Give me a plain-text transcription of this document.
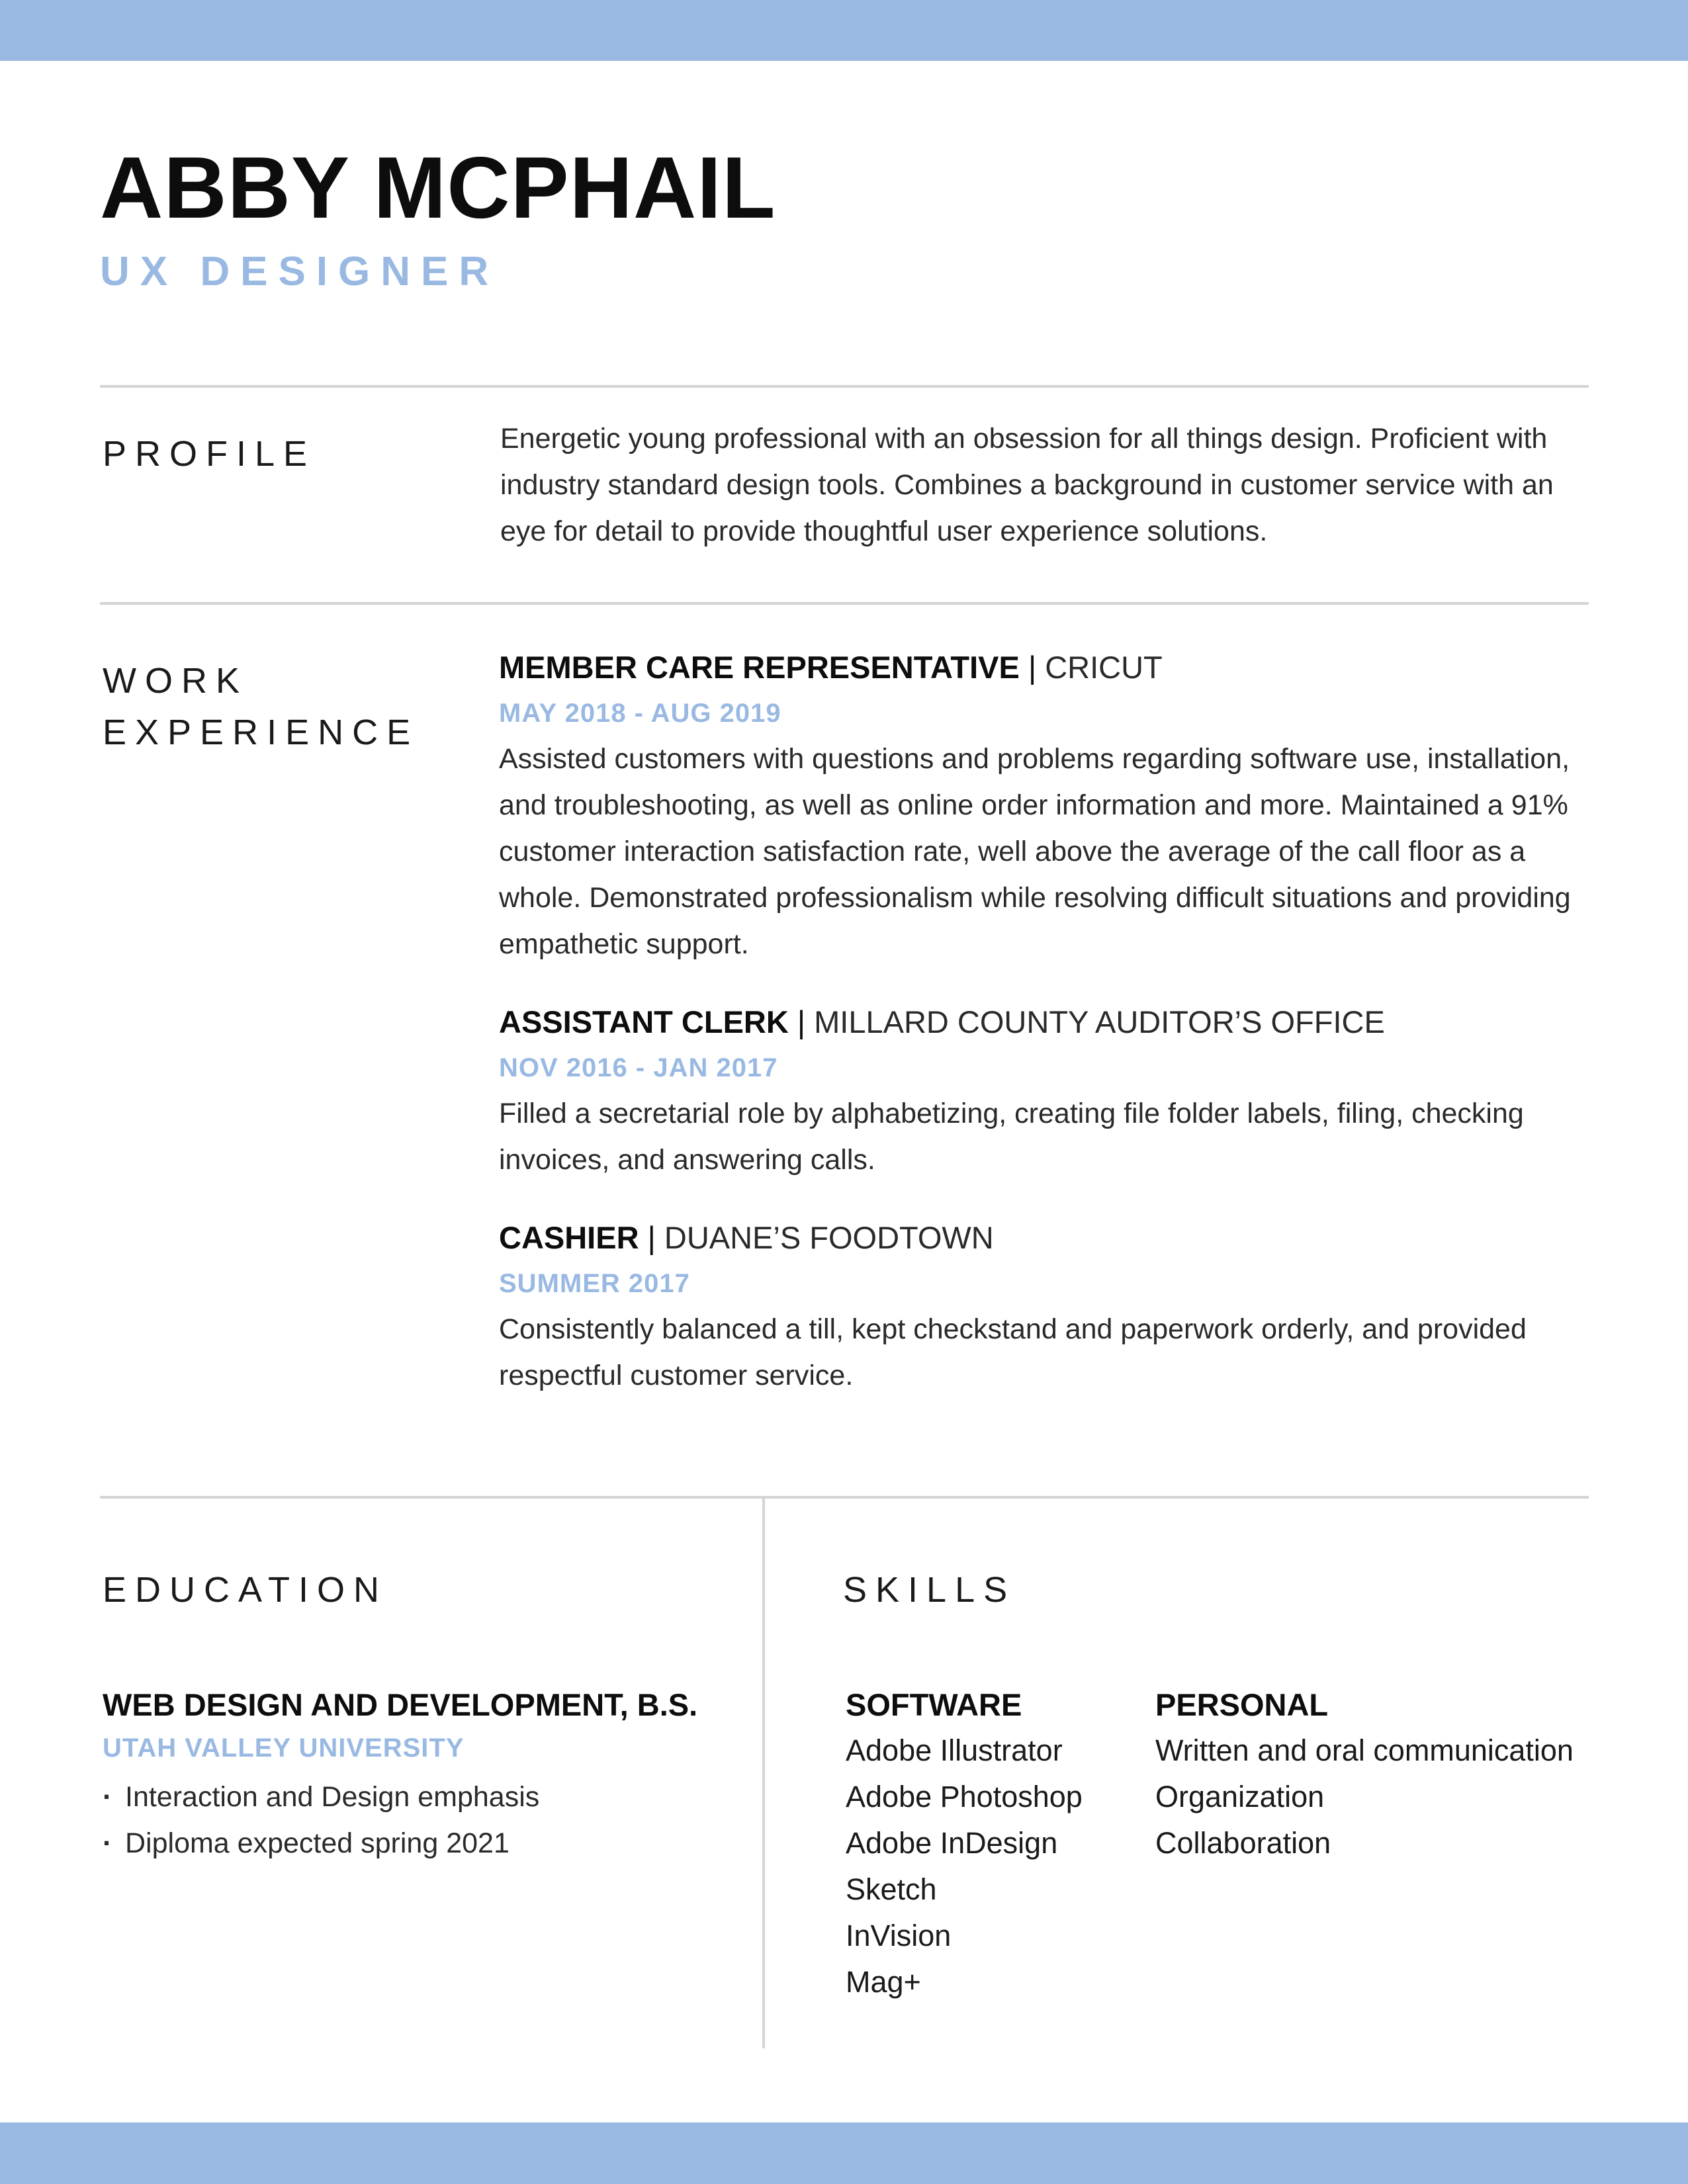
ABBY MCPHAIL
UX DESIGNER
PROFILE	Energetic young professional with an obsession for all things design. Proficient with industry standard design tools. Combines a background in customer service with an eye for detail to provide thoughtful user experience solutions.
WORK
EXPERIENCE
MEMBER CARE REPRESENTATIVE | CRICUT
MAY 2018 - AUG 2019
Assisted customers with questions and problems regarding software use, installation, and troubleshooting, as well as online order information and more. Maintained a 91% customer interaction satisfaction rate, well above the average of the call floor as a whole. Demonstrated professionalism while resolving difficult situations and providing empathetic support.
ASSISTANT CLERK | MILLARD COUNTY AUDITOR’S OFFICE
NOV 2016 - JAN 2017
Filled a secretarial role by alphabetizing, creating file folder labels, filing, checking invoices, and answering calls.
CASHIER | DUANE’S FOODTOWN
SUMMER 2017
Consistently balanced a till, kept checkstand and paperwork orderly, and provided respectful customer service.
EDUCATION
WEB DESIGN AND DEVELOPMENT, B.S.
UTAH VALLEY UNIVERSITY
· Interaction and Design emphasis
· Diploma expected spring 2021
SKILLS
SOFTWARE
Adobe Illustrator
Adobe Photoshop
Adobe InDesign
Sketch
InVision
Mag+
PERSONAL
Written and oral communication
Organization
Collaboration
